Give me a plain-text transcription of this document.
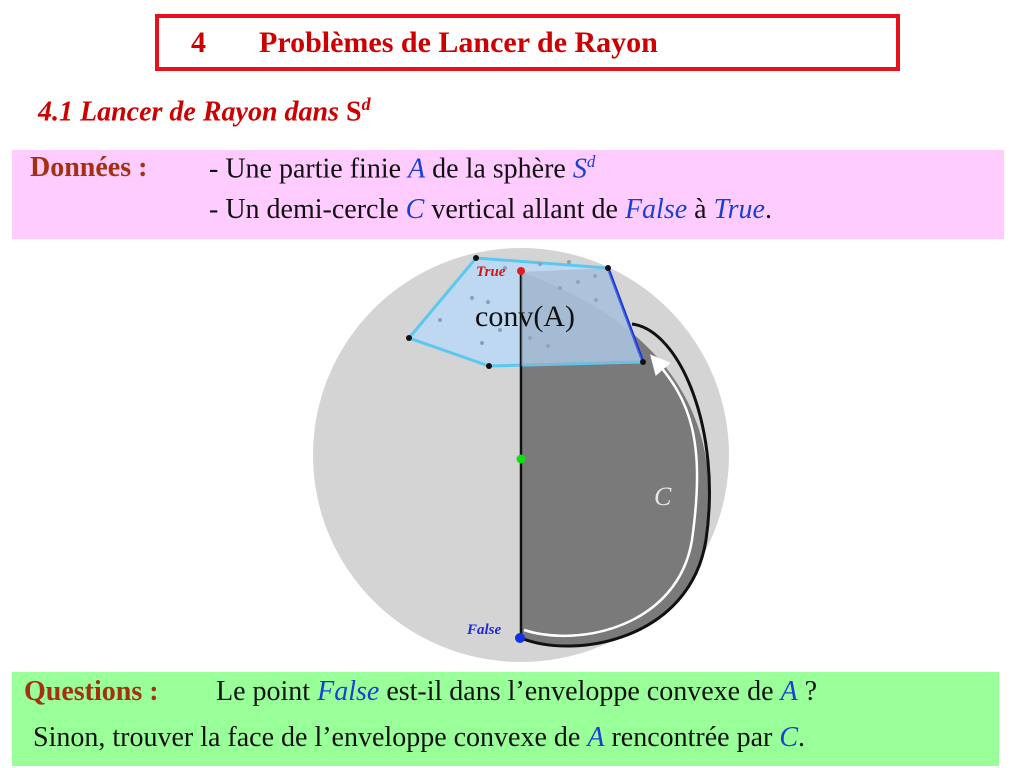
4	Problèmes de Lancer de Rayon
4.1 Lancer de Rayon dans $S^d$
Données : - Une partie finie A de la sphère $S^d$
- Un demi-cercle C vertical allant de False à True.
True
False
conv(A)
C
Questions : Le point False est-il dans l’enveloppe convexe de A ?
Sinon, trouver la face de l’enveloppe convexe de A rencontrée par C.
